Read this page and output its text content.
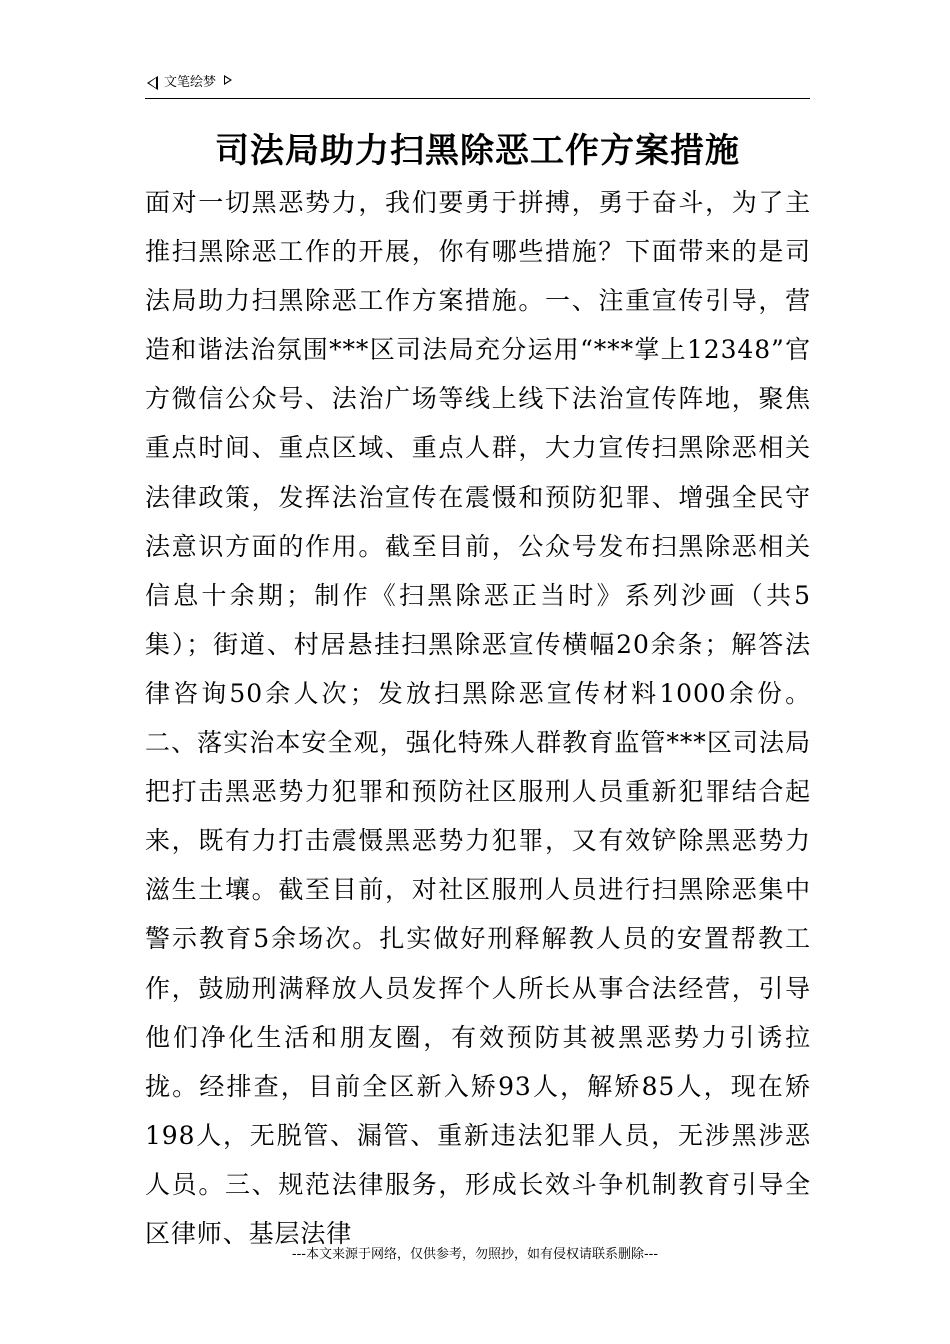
文笔绘梦
司法局助力扫黑除恶工作方案措施

面对一切黑恶势力，我们要勇于拼搏，勇于奋斗，为了主推扫黑除恶工作的开展，你有哪些措施？下面带来的是司法局助力扫黑除恶工作方案措施。一、注重宣传引导，营造和谐法治氛围***区司法局充分运用“***掌上12348”官方微信公众号、法治广场等线上线下法治宣传阵地，聚焦重点时间、重点区域、重点人群，大力宣传扫黑除恶相关法律政策，发挥法治宣传在震慑和预防犯罪、增强全民守法意识方面的作用。截至目前，公众号发布扫黑除恶相关信息十余期；制作《扫黑除恶正当时》系列沙画（共5集）；街道、村居悬挂扫黑除恶宣传横幅20余条；解答法律咨询50余人次；发放扫黑除恶宣传材料1000余份。二、落实治本安全观，强化特殊人群教育监管***区司法局把打击黑恶势力犯罪和预防社区服刑人员重新犯罪结合起来，既有力打击震慑黑恶势力犯罪，又有效铲除黑恶势力滋生土壤。截至目前，对社区服刑人员进行扫黑除恶集中警示教育5余场次。扎实做好刑释解教人员的安置帮教工作，鼓励刑满释放人员发挥个人所长从事合法经营，引导他们净化生活和朋友圈，有效预防其被黑恶势力引诱拉拢。经排查，目前全区新入矫93人，解矫85人，现在矫198人，无脱管、漏管、重新违法犯罪人员，无涉黑涉恶人员。三、规范法律服务，形成长效斗争机制教育引导全区律师、基层法律

---本文来源于网络，仅供参考，勿照抄，如有侵权请联系删除---
